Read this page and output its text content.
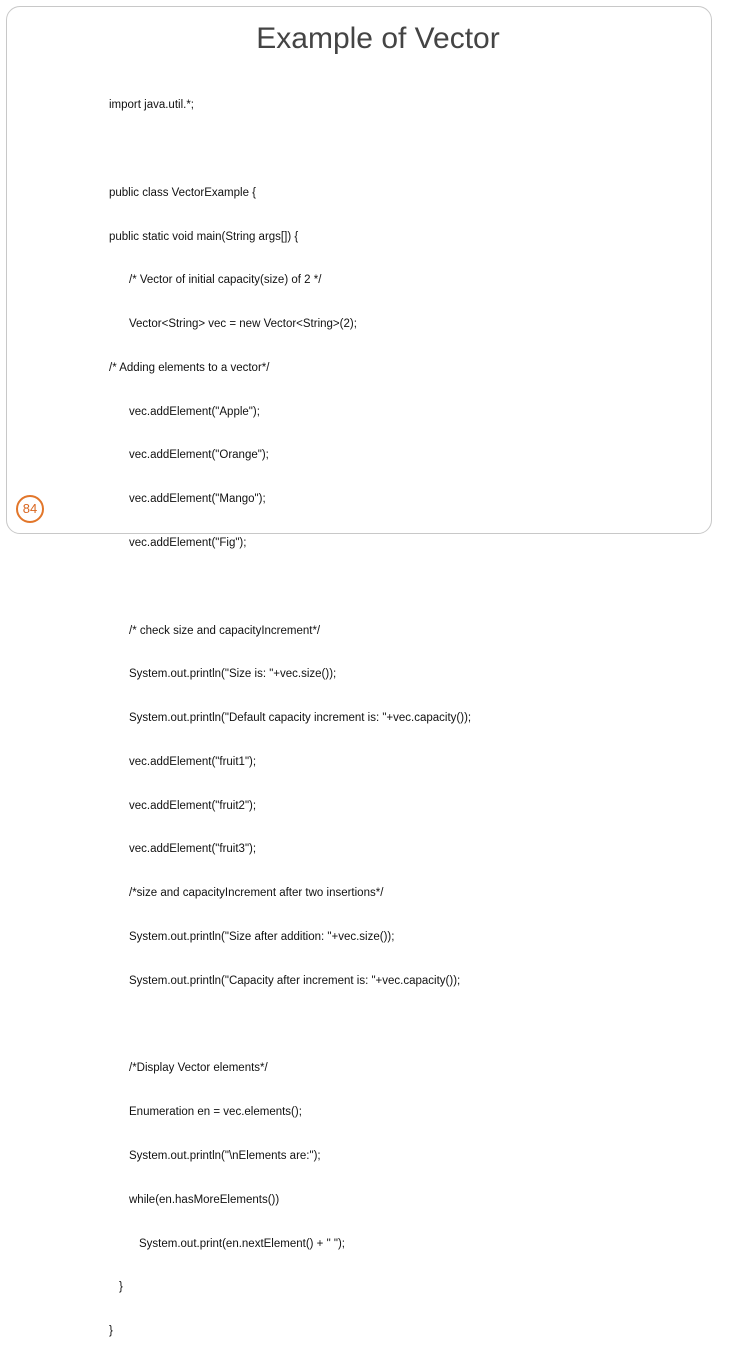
Example of Vector

import java.util.*;

public class VectorExample {

public static void main(String args[]) {

/* Vector of initial capacity(size) of 2 */

Vector<String> vec = new Vector<String>(2);

/* Adding elements to a vector*/

vec.addElement("Apple");

vec.addElement("Orange");

vec.addElement("Mango");

vec.addElement("Fig");

/* check size and capacityIncrement*/

System.out.println("Size is: "+vec.size());

System.out.println("Default capacity increment is: "+vec.capacity());

vec.addElement("fruit1");

vec.addElement("fruit2");

vec.addElement("fruit3");

/*size and capacityIncrement after two insertions*/

System.out.println("Size after addition: "+vec.size());

System.out.println("Capacity after increment is: "+vec.capacity());

/*Display Vector elements*/

Enumeration en = vec.elements();

System.out.println("\nElements are:");

while(en.hasMoreElements())

System.out.print(en.nextElement() + " ");

}

}

84
